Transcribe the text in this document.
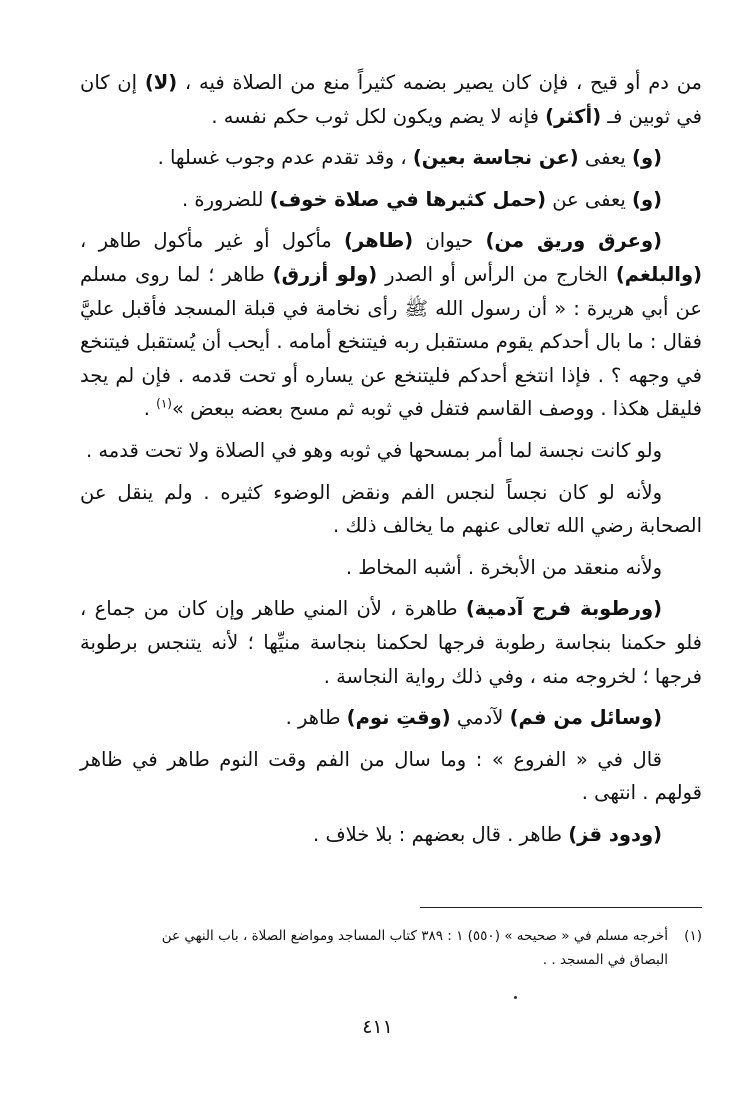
من دم أو قيح ، فإن كان يصير بضمه كثيراً منع من الصلاة فيه ، (لا) إن كان في ثوبين فـ (أكثر) فإنه لا يضم ويكون لكل ثوب حكم نفسه .

(و) يعفى (عن نجاسة بعين) ، وقد تقدم عدم وجوب غسلها .

(و) يعفى عن (حمل كثيرها في صلاة خوف) للضرورة .

(وعرق وريق من) حيوان (طاهر) مأكول أو غير مأكول طاهر ، (والبلغم) الخارج من الرأس أو الصدر (ولو أزرق) طاهر ؛ لما روى مسلم عن أبي هريرة : « أن رسول الله ﷺ رأى نخامة في قبلة المسجد فأقبل عليَّ فقال : ما بال أحدكم يقوم مستقبل ربه فيتنخع أمامه . أيحب أن يُستقبل فيتنخع في وجهه ؟ . فإذا انتخع أحدكم فليتنخع عن يساره أو تحت قدمه . فإن لم يجد فليقل هكذا . ووصف القاسم فتفل في ثوبه ثم مسح بعضه ببعض »$^{(١)}$ .

ولو كانت نجسة لما أمر بمسحها في ثوبه وهو في الصلاة ولا تحت قدمه .

ولأنه لو كان نجساً لنجس الفم ونقض الوضوء كثيره . ولم ينقل عن الصحابة رضي الله تعالى عنهم ما يخالف ذلك .

ولأنه منعقد من الأبخرة . أشبه المخاط .

(ورطوبة فرج آدمية) طاهرة ، لأن المني طاهر وإن كان من جماع ، فلو حكمنا بنجاسة رطوبة فرجها لحكمنا بنجاسة منيِّها ؛ لأنه يتنجس برطوبة فرجها ؛ لخروجه منه ، وفي ذلك رواية النجاسة .

(وسائل من فم) لآدمي (وقتِ نوم) طاهر .

قال في « الفروع » : وما سال من الفم وقت النوم طاهر في ظاهر قولهم . انتهى .

(ودود قز) طاهر . قال بعضهم : بلا خلاف .

(١)أخرجه مسلم في « صحيحه » (٥٥٠) ١ : ٣٨٩ كتاب المساجد ومواضع الصلاة ، باب النهي عن
البصاق في المسجد . .
٤١١
